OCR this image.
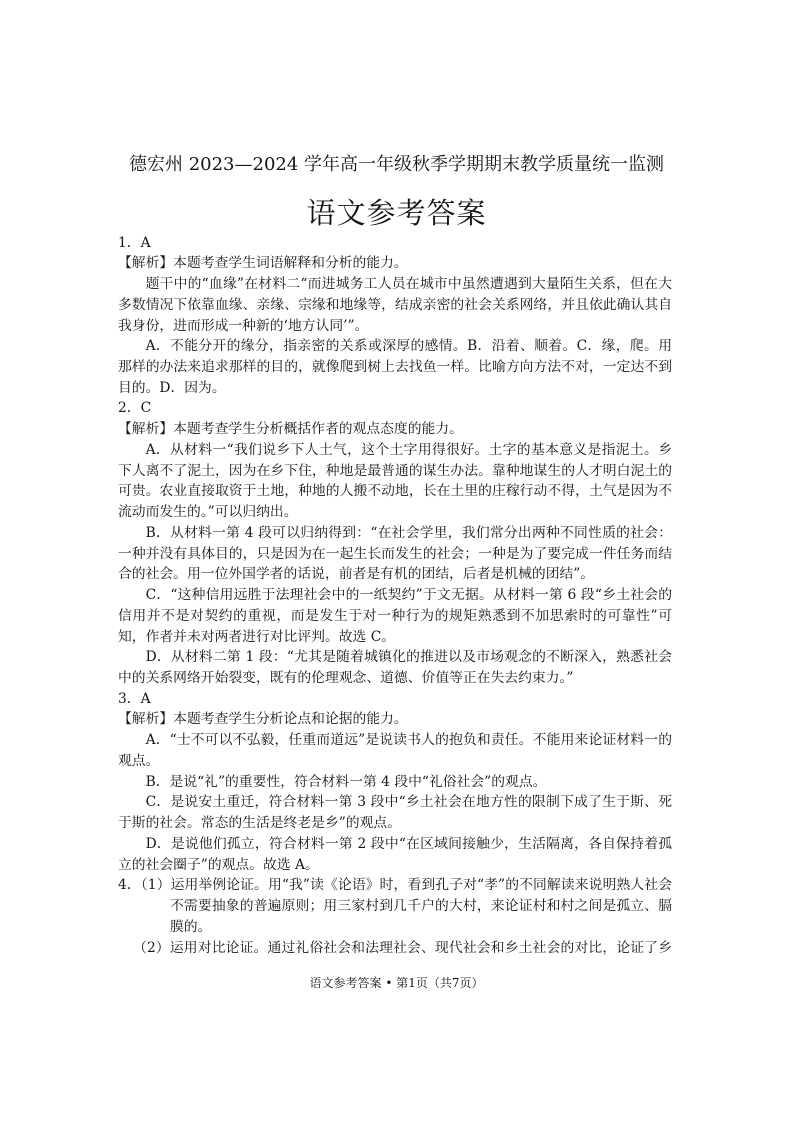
德宏州 2023—2024 学年高一年级秋季学期期末教学质量统一监测
语文参考答案

1．A

【解析】本题考查学生词语解释和分析的能力。

题干中的“血缘”在材料二“而进城务工人员在城市中虽然遭遇到大量陌生关系，但在大多数情况下依靠血缘、亲缘、宗缘和地缘等，结成亲密的社会关系网络，并且依此确认其自我身份，进而形成一种新的‘地方认同’”。

A．不能分开的缘分，指亲密的关系或深厚的感情。B．沿着、顺着。C．缘，爬。用那样的办法来追求那样的目的，就像爬到树上去找鱼一样。比喻方向方法不对，一定达不到目的。D．因为。

2．C

【解析】本题考查学生分析概括作者的观点态度的能力。

A．从材料一“我们说乡下人土气，这个土字用得很好。土字的基本意义是指泥土。乡下人离不了泥土，因为在乡下住，种地是最普通的谋生办法。靠种地谋生的人才明白泥土的可贵。农业直接取资于土地，种地的人搬不动地，长在土里的庄稼行动不得，土气是因为不流动而发生的。”可以归纳出。

B．从材料一第 4 段可以归纳得到：“在社会学里，我们常分出两种不同性质的社会：一种并没有具体目的，只是因为在一起生长而发生的社会；一种是为了要完成一件任务而结合的社会。用一位外国学者的话说，前者是有机的团结，后者是机械的团结”。

C．“这种信用远胜于法理社会中的一纸契约”于文无据。从材料一第 6 段“乡土社会的信用并不是对契约的重视，而是发生于对一种行为的规矩熟悉到不加思索时的可靠性”可知，作者并未对两者进行对比评判。故选 C。

D．从材料二第 1 段：“尤其是随着城镇化的推进以及市场观念的不断深入，熟悉社会中的关系网络开始裂变，既有的伦理观念、道德、价值等正在失去约束力。”

3．A

【解析】本题考查学生分析论点和论据的能力。

A．“士不可以不弘毅，任重而道远”是说读书人的抱负和责任。不能用来论证材料一的观点。

B．是说“礼”的重要性，符合材料一第 4 段中“礼俗社会”的观点。

C．是说安土重迁，符合材料一第 3 段中“乡土社会在地方性的限制下成了生于斯、死于斯的社会。常态的生活是终老是乡”的观点。

D．是说他们孤立，符合材料一第 2 段中“在区域间接触少，生活隔离，各自保持着孤立的社会圈子”的观点。故选 A。

4．（1）运用举例论证。用“我”读《论语》时，看到孔子对“孝”的不同解读来说明熟人社会不需要抽象的普遍原则；用三家村到几千户的大村，来论证村和村之间是孤立、膈膜的。

（2）运用对比论证。通过礼俗社会和法理社会、现代社会和乡土社会的对比，论证了乡

语文参考答案 • 第1页（共7页）
